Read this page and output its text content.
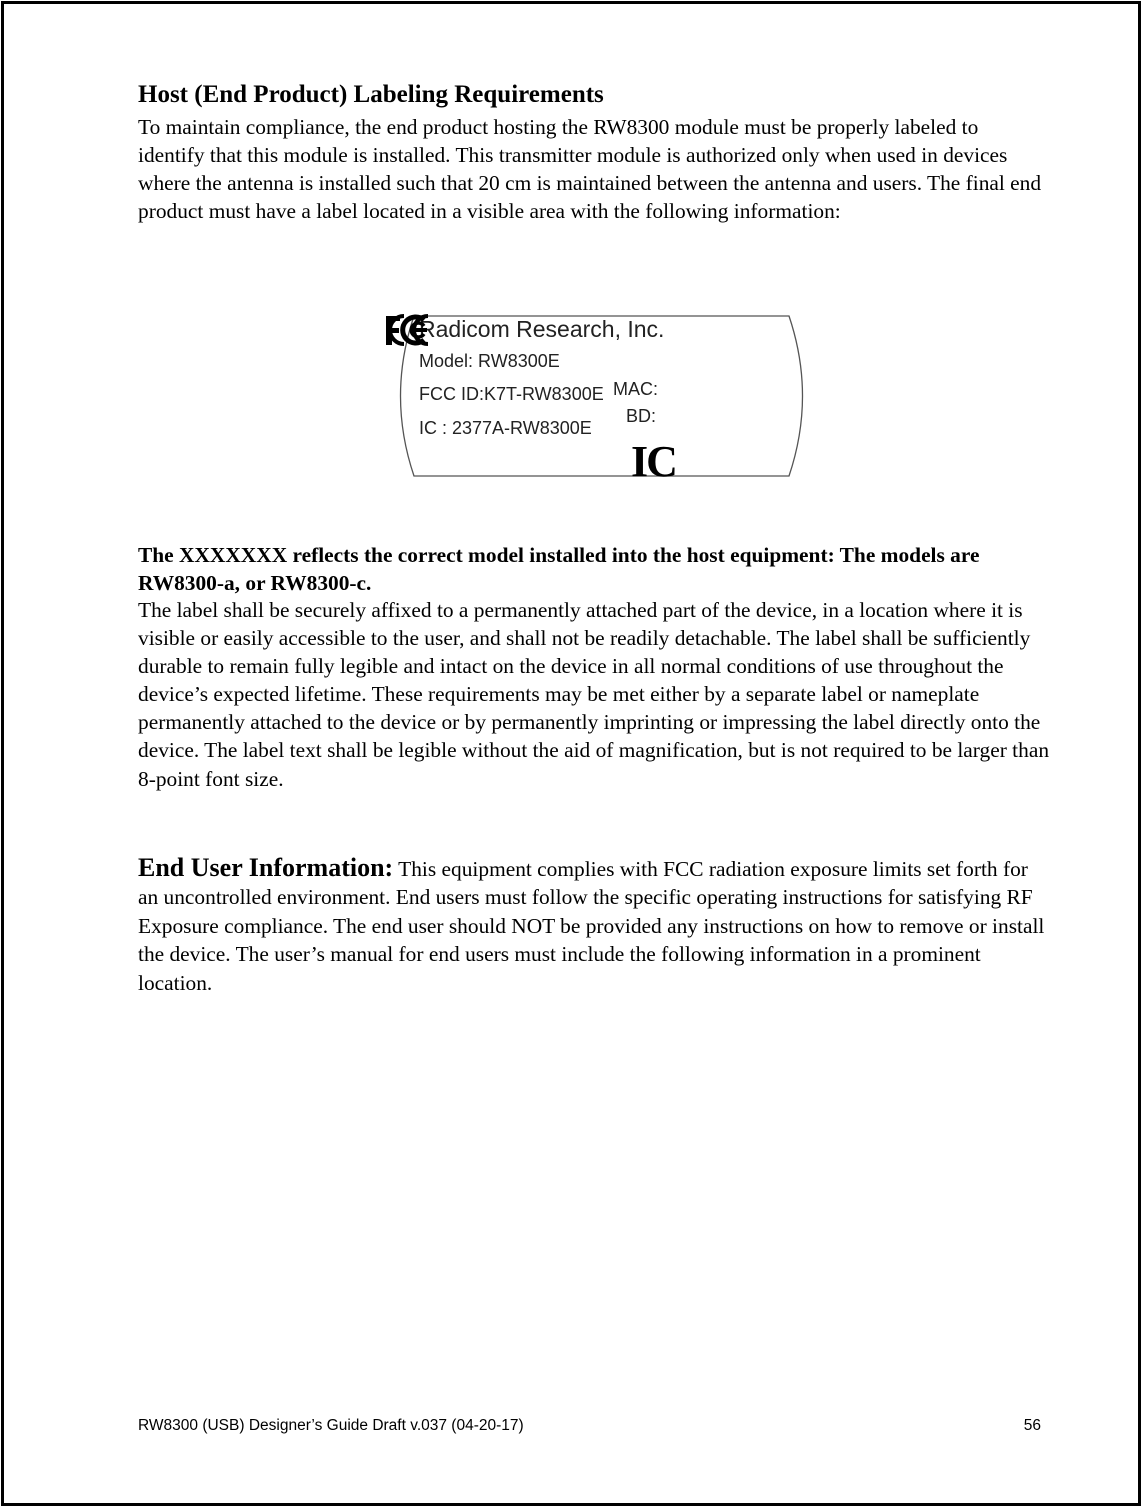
Host (End Product) Labeling Requirements

To maintain compliance, the end product hosting the RW8300 module must be properly labeled to identify that this module is installed. This transmitter module is authorized only when used in devices where the antenna is installed such that 20 cm is maintained between the antenna and users. The final end product must have a label located in a visible area with the following information:

Radicom Research, Inc.
Model: RW8300E
FCC ID:K7T-RW8300E MAC:
BD:
IC : 2377A-RW8300E
IC

The XXXXXXX reflects the correct model installed into the host equipment: The models are RW8300-a, or RW8300-c.

The label shall be securely affixed to a permanently attached part of the device, in a location where it is visible or easily accessible to the user, and shall not be readily detachable. The label shall be sufficiently durable to remain fully legible and intact on the device in all normal conditions of use throughout the device’s expected lifetime. These requirements may be met either by a separate label or nameplate permanently attached to the device or by permanently imprinting or impressing the label directly onto the device. The label text shall be legible without the aid of magnification, but is not required to be larger than 8-point font size.

End User Information: This equipment complies with FCC radiation exposure limits set forth for an uncontrolled environment. End users must follow the specific operating instructions for satisfying RF Exposure compliance. The end user should NOT be provided any instructions on how to remove or install the device. The user’s manual for end users must include the following information in a prominent location.

RW8300 (USB) Designer’s Guide Draft v.037 (04-20-17)	56
